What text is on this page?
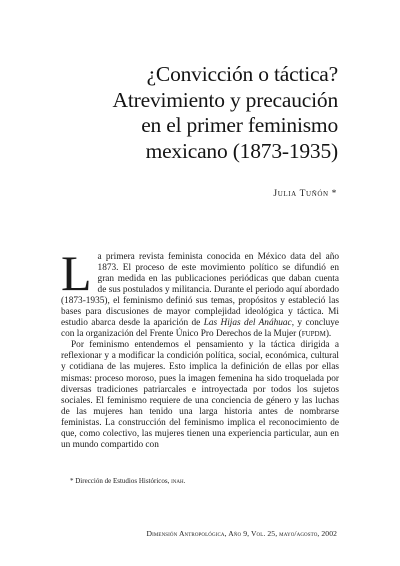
¿Convicción o táctica?
Atrevimiento y precaución
en el primer feminismo
mexicano (1873-1935)
Julia Tuñón *

La primera revista feminista conocida en México data del año 1873. El proceso de este movimiento político se difundió en gran medida en las publicaciones periódicas que daban cuenta de sus postulados y militancia. Durante el periodo aquí abordado (1873-1935), el feminismo definió sus temas, propósitos y estableció las bases para discusiones de mayor complejidad ideológica y táctica. Mi estudio abarca desde la aparición de Las Hijas del Anáhuac, y concluye con la organización del Frente Único Pro Derechos de la Mujer (fupdm).

Por feminismo entendemos el pensamiento y la táctica dirigida a reflexionar y a modificar la condición política, social, económica, cultural y cotidiana de las mujeres. Esto implica la definición de ellas por ellas mismas: proceso moroso, pues la imagen femenina ha sido troquelada por diversas tradiciones patriarcales e introyectada por todos los sujetos sociales. El feminismo requiere de una conciencia de género y las luchas de las mujeres han tenido una larga historia antes de nombrarse feministas. La construcción del feminismo implica el reconocimiento de que, como colectivo, las mujeres tienen una experiencia particular, aun en un mundo compartido con

* Dirección de Estudios Históricos, inah.
Dimensión Antropológica, Año 9, Vol. 25, mayo/agosto, 2002
